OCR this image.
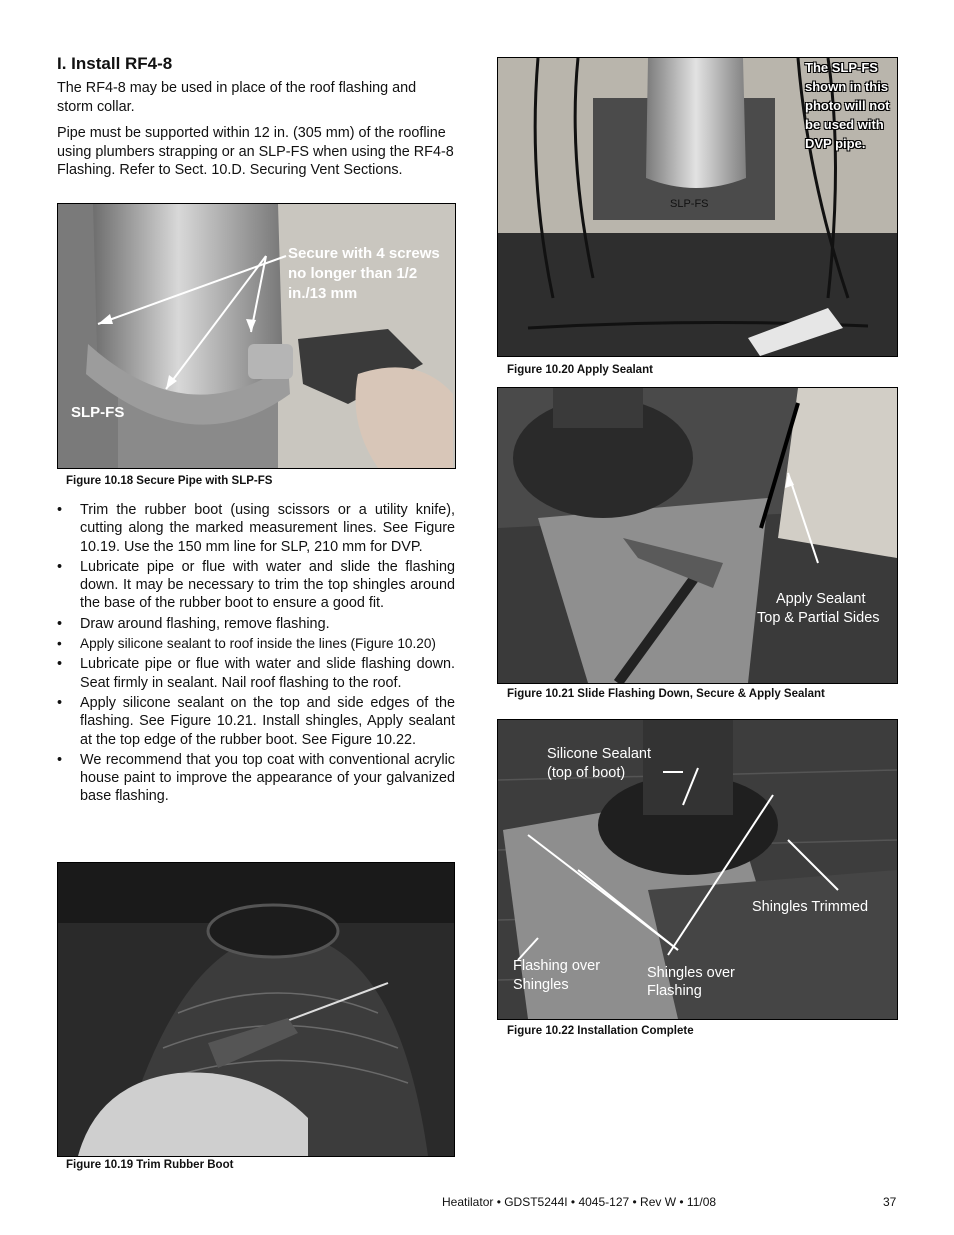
I. Install RF4-8
The RF4-8 may be used in place of the roof flashing and storm collar.
Pipe must be supported within 12 in. (305 mm) of the roofline using plumbers strapping or an SLP-FS when using the RF4-8 Flashing. Refer to Sect. 10.D. Securing Vent Sections.
Secure with 4 screws no longer than 1/2 in./13 mm
SLP-FS
Figure 10.18 Secure Pipe with SLP-FS
• Trim the rubber boot (using scissors or a utility knife), cutting along the marked measurement lines. See Figure 10.19. Use the 150 mm line for SLP, 210 mm for DVP.
• Lubricate pipe or flue with water and slide the flashing down. It may be necessary to trim the top shingles around the base of the rubber boot to ensure a good fit.
• Draw around flashing, remove flashing.
• Apply silicone sealant to roof inside the lines (Figure 10.20)
• Lubricate pipe or flue with water and slide flashing down. Seat firmly in sealant. Nail roof flashing to the roof.
• Apply silicone sealant on the top and side edges of the flashing. See Figure 10.21. Install shingles, Apply sealant at the top edge of the rubber boot. See Figure 10.22.
• We recommend that you top coat with conventional acrylic house paint to improve the appearance of your galvanized base flashing.
Figure 10.19 Trim Rubber Boot
The SLP-FS shown in this photo will not be used with DVP pipe.
SLP-FS
Figure 10.20 Apply Sealant
Apply Sealant
Top & Partial Sides
Figure 10.21 Slide Flashing Down, Secure & Apply Sealant
Silicone Sealant
(top of boot)
Shingles Trimmed
Flashing over
Shingles
Shingles over
Flashing
Figure 10.22 Installation Complete
Heatilator • GDST5244I • 4045-127 • Rev W • 11/08	37
